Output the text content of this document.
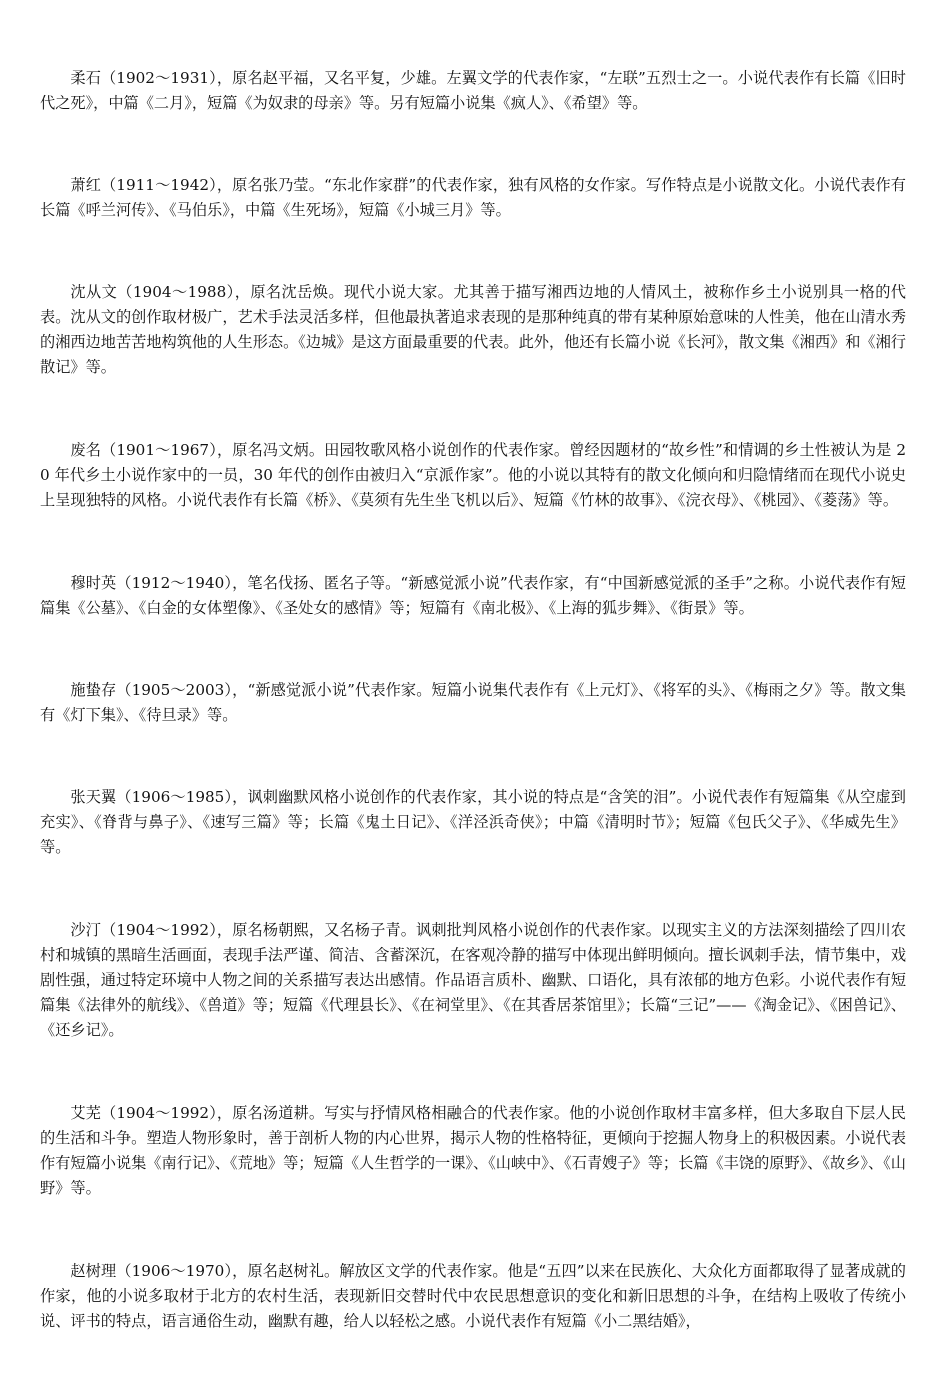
柔石（1902～1931），原名赵平福，又名平复，少雄。左翼文学的代表作家，“左联”五烈士之一。小说代表作有长篇《旧时代之死》，中篇《二月》，短篇《为奴隶的母亲》等。另有短篇小说集《疯人》、《希望》等。

萧红（1911～1942），原名张乃莹。“东北作家群”的代表作家，独有风格的女作家。写作特点是小说散文化。小说代表作有长篇《呼兰河传》、《马伯乐》，中篇《生死场》，短篇《小城三月》等。

沈从文（1904～1988），原名沈岳焕。现代小说大家。尤其善于描写湘西边地的人情风土，被称作乡土小说别具一格的代表。沈从文的创作取材极广，艺术手法灵活多样，但他最执著追求表现的是那种纯真的带有某种原始意味的人性美，他在山清水秀的湘西边地苦苦地构筑他的人生形态。《边城》是这方面最重要的代表。此外，他还有长篇小说《长河》，散文集《湘西》和《湘行散记》等。

废名（1901～1967），原名冯文炳。田园牧歌风格小说创作的代表作家。曾经因题材的“故乡性”和情调的乡土性被认为是 20 年代乡土小说作家中的一员，30 年代的创作由被归入“京派作家”。他的小说以其特有的散文化倾向和归隐情绪而在现代小说史上呈现独特的风格。小说代表作有长篇《桥》、《莫须有先生坐飞机以后》、短篇《竹林的故事》、《浣衣母》、《桃园》、《菱荡》等。

穆时英（1912～1940），笔名伐扬、匿名子等。“新感觉派小说”代表作家，有“中国新感觉派的圣手”之称。小说代表作有短篇集《公墓》、《白金的女体塑像》、《圣处女的感情》等；短篇有《南北极》、《上海的狐步舞》、《街景》等。

施蛰存（1905～2003），“新感觉派小说”代表作家。短篇小说集代表作有《上元灯》、《将军的头》、《梅雨之夕》等。散文集有《灯下集》、《待旦录》等。

张天翼（1906～1985），讽刺幽默风格小说创作的代表作家，其小说的特点是“含笑的泪”。小说代表作有短篇集《从空虚到充实》、《脊背与鼻子》、《速写三篇》等；长篇《鬼土日记》、《洋泾浜奇侠》；中篇《清明时节》；短篇《包氏父子》、《华威先生》等。

沙汀（1904～1992），原名杨朝熙，又名杨子青。讽刺批判风格小说创作的代表作家。以现实主义的方法深刻描绘了四川农村和城镇的黑暗生活画面，表现手法严谨、简洁、含蓄深沉，在客观冷静的描写中体现出鲜明倾向。擅长讽刺手法，情节集中，戏剧性强，通过特定环境中人物之间的关系描写表达出感情。作品语言质朴、幽默、口语化，具有浓郁的地方色彩。小说代表作有短篇集《法律外的航线》、《兽道》等；短篇《代理县长》、《在祠堂里》、《在其香居茶馆里》；长篇“三记”——《淘金记》、《困兽记》、《还乡记》。

艾芜（1904～1992），原名汤道耕。写实与抒情风格相融合的代表作家。他的小说创作取材丰富多样，但大多取自下层人民的生活和斗争。塑造人物形象时，善于剖析人物的内心世界，揭示人物的性格特征，更倾向于挖掘人物身上的积极因素。小说代表作有短篇小说集《南行记》、《荒地》等；短篇《人生哲学的一课》、《山峡中》、《石青嫂子》等；长篇《丰饶的原野》、《故乡》、《山野》等。

赵树理（1906～1970），原名赵树礼。解放区文学的代表作家。他是“五四”以来在民族化、大众化方面都取得了显著成就的作家，他的小说多取材于北方的农村生活，表现新旧交替时代中农民思想意识的变化和新旧思想的斗争，在结构上吸收了传统小说、评书的特点，语言通俗生动，幽默有趣，给人以轻松之感。小说代表作有短篇《小二黑结婚》，
